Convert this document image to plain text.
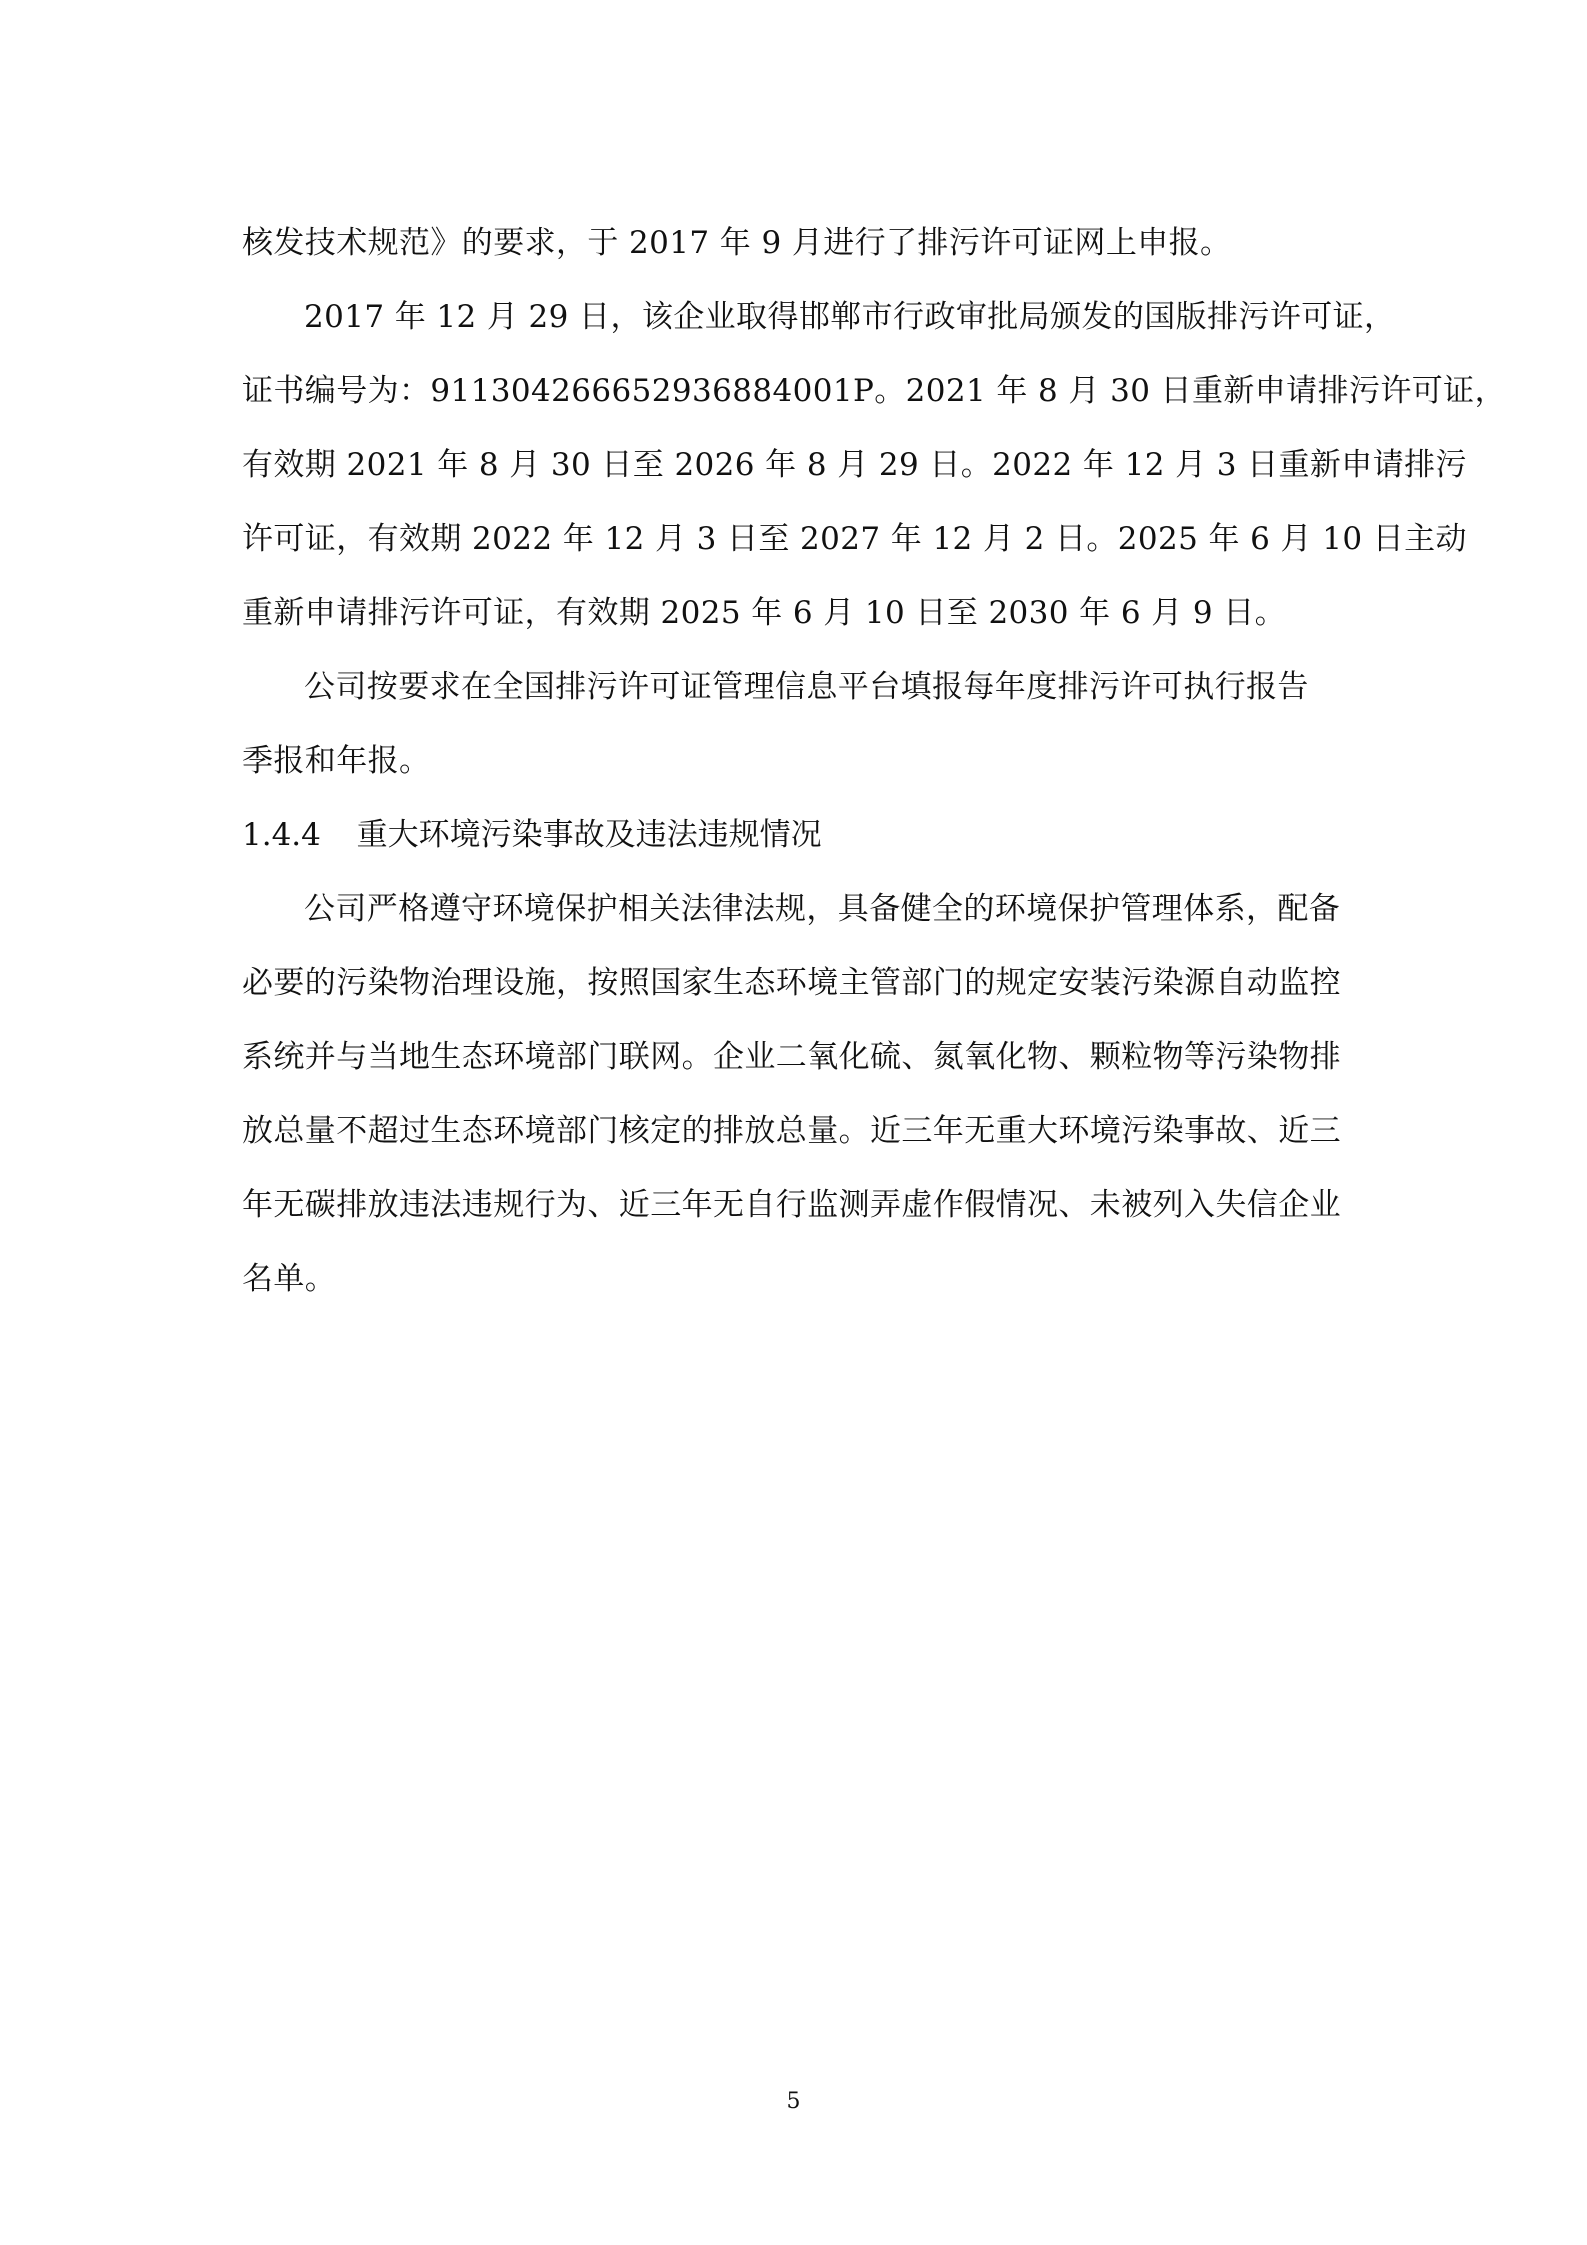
核发技术规范》的要求，于 2017 年 9 月进行了排污许可证网上申报。
2017 年 12 月 29 日，该企业取得邯郸市行政审批局颁发的国版排污许可证，
证书编号为：911304266652936884001P。2021 年 8 月 30 日重新申请排污许可证，
有效期 2021 年 8 月 30 日至 2026 年 8 月 29 日。2022 年 12 月 3 日重新申请排污
许可证，有效期 2022 年 12 月 3 日至 2027 年 12 月 2 日。2025 年 6 月 10 日主动
重新申请排污许可证，有效期 2025 年 6 月 10 日至 2030 年 6 月 9 日。
公司按要求在全国排污许可证管理信息平台填报每年度排污许可执行报告
季报和年报。
1.4.4 重大环境污染事故及违法违规情况
公司严格遵守环境保护相关法律法规，具备健全的环境保护管理体系，配备
必要的污染物治理设施，按照国家生态环境主管部门的规定安装污染源自动监控
系统并与当地生态环境部门联网。企业二氧化硫、氮氧化物、颗粒物等污染物排
放总量不超过生态环境部门核定的排放总量。近三年无重大环境污染事故、近三
年无碳排放违法违规行为、近三年无自行监测弄虚作假情况、未被列入失信企业
名单。
5
